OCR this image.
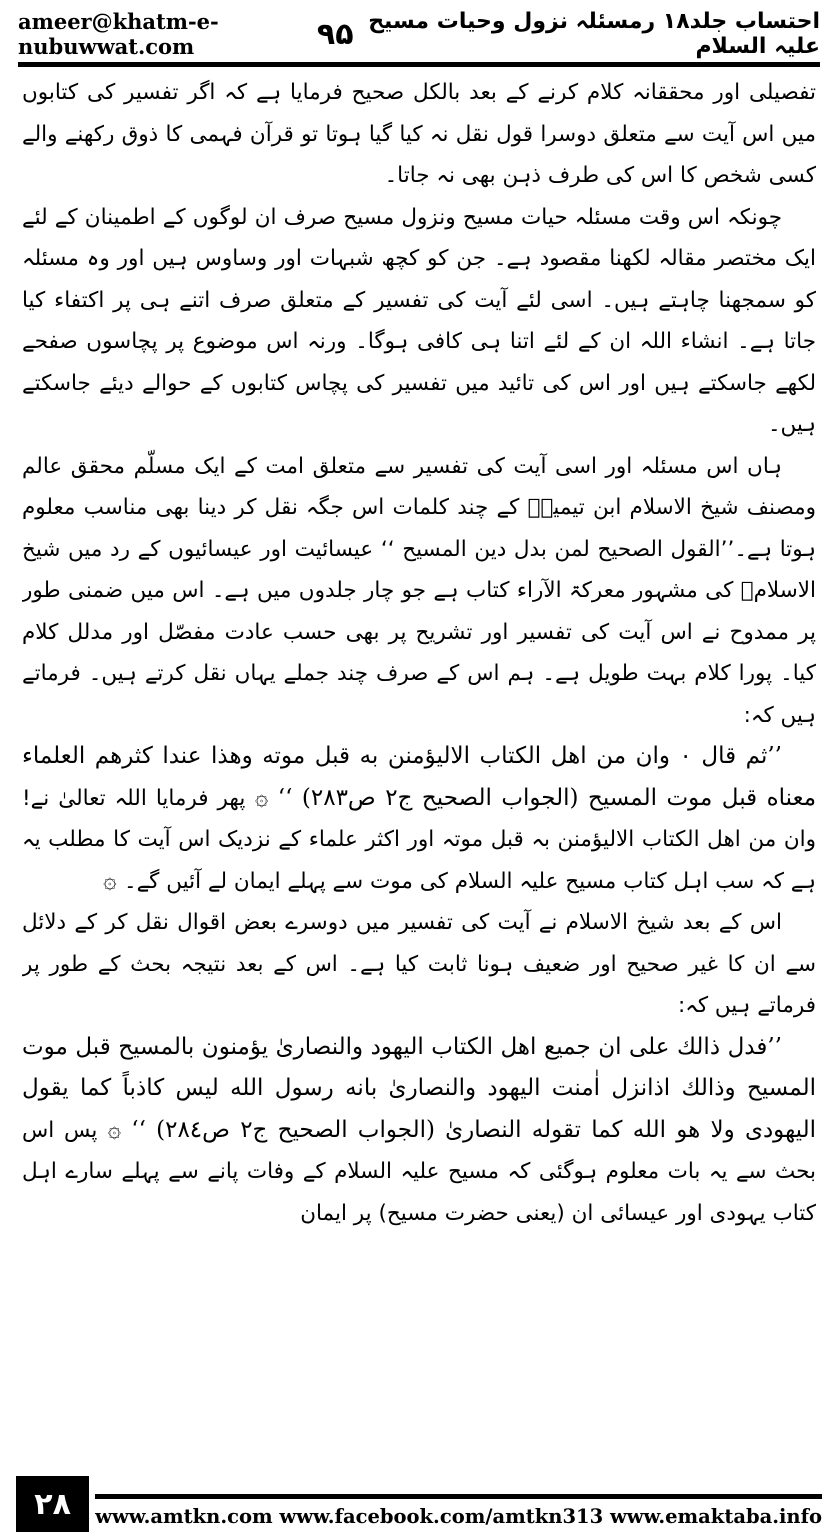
ameer@khatm-e-nubuwwat.com
احتساب جلد۱۸ رمسئلہ نزول وحیات مسیح علیہ السلام
۹۵

تفصیلی اور محققانہ کلام کرنے کے بعد بالکل صحیح فرمایا ہے کہ اگر تفسیر کی کتابوں میں اس آیت سے متعلق دوسرا قول نقل نہ کیا گیا ہوتا تو قرآن فہمی کا ذوق رکھنے والے کسی شخص کا اس کی طرف ذہن بھی نہ جاتا۔

چونکہ اس وقت مسئلہ حیات مسیح ونزول مسیح صرف ان لوگوں کے اطمینان کے لئے ایک مختصر مقالہ لکھنا مقصود ہے۔ جن کو کچھ شبہات اور وساوس ہیں اور وہ مسئلہ کو سمجھنا چاہتے ہیں۔ اسی لئے آیت کی تفسیر کے متعلق صرف اتنے ہی پر اکتفاء کیا جاتا ہے۔ انشاء اللہ ان کے لئے اتنا ہی کافی ہوگا۔ ورنہ اس موضوع پر پچاسوں صفحے لکھے جاسکتے ہیں اور اس کی تائید میں تفسیر کی پچاس کتابوں کے حوالے دیئے جاسکتے ہیں۔

ہاں اس مسئلہ اور اسی آیت کی تفسیر سے متعلق امت کے ایک مسلّم محقق عالم ومصنف شیخ الاسلام ابن تیمیہؒ کے چند کلمات اس جگہ نقل کر دینا بھی مناسب معلوم ہوتا ہے۔’’القول الصحیح لمن بدل دین المسیح ‘‘ عیسائیت اور عیسائیوں کے رد میں شیخ الاسلامؒ کی مشہور معرکۃ الآراء کتاب ہے جو چار جلدوں میں ہے۔ اس میں ضمنی طور پر ممدوح نے اس آیت کی تفسیر اور تشریح پر بھی حسب عادت مفصّل اور مدلل کلام کیا۔ پورا کلام بہت طویل ہے۔ ہم اس کے صرف چند جملے یہاں نقل کرتے ہیں۔ فرماتے ہیں کہ:

’’ثم قال ۰ وان من اهل الكتاب الالیؤمنن به قبل موته وهذا عندا كثرهم العلماء معناه قبل موت المسیح (الجواب الصحیح ج۲ ص۲۸۳) ‘‘ ۞ پھر فرمایا اللہ تعالیٰ نے! وان من اھل الکتاب الالیؤمنن بہ قبل موتہ اور اکثر علماء کے نزدیک اس آیت کا مطلب یہ ہے کہ سب اہل کتاب مسیح علیہ السلام کی موت سے پہلے ایمان لے آئیں گے۔ ۞

اس کے بعد شیخ الاسلام نے آیت کی تفسیر میں دوسرے بعض اقوال نقل کر کے دلائل سے ان کا غیر صحیح اور ضعیف ہونا ثابت کیا ہے۔ اس کے بعد نتیجہ بحث کے طور پر فرماتے ہیں کہ:

’’فدل ذالك علی ان جمیع اهل الكتاب الیهود والنصاریٰ یؤمنون بالمسیح قبل موت المسیح وذالك اذانزل اٰمنت الیهود والنصاریٰ بانه رسول الله لیس كاذباً كما یقول الیهودی ولا هو الله كما تقوله النصاریٰ (الجواب الصحیح ج۲ ص۲۸٤) ‘‘ ۞ پس اس بحث سے یہ بات معلوم ہوگئی کہ مسیح علیہ السلام کے وفات پانے سے پہلے سارے اہل کتاب یہودی اور عیسائی ان (یعنی حضرت مسیح) پر ایمان

۲۸	www.amtkn.com www.facebook.com/amtkn313 www.emaktaba.info
